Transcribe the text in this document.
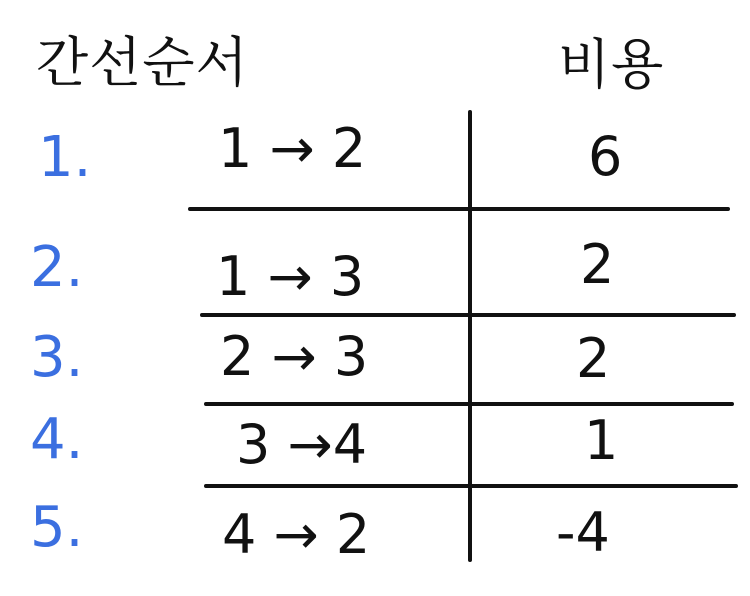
간선순서	비용
1. 1 → 2	6
2. 1 → 3	2
3.	2 → 3	2
4.	3 →4	1
5.	4 → 2	-4
